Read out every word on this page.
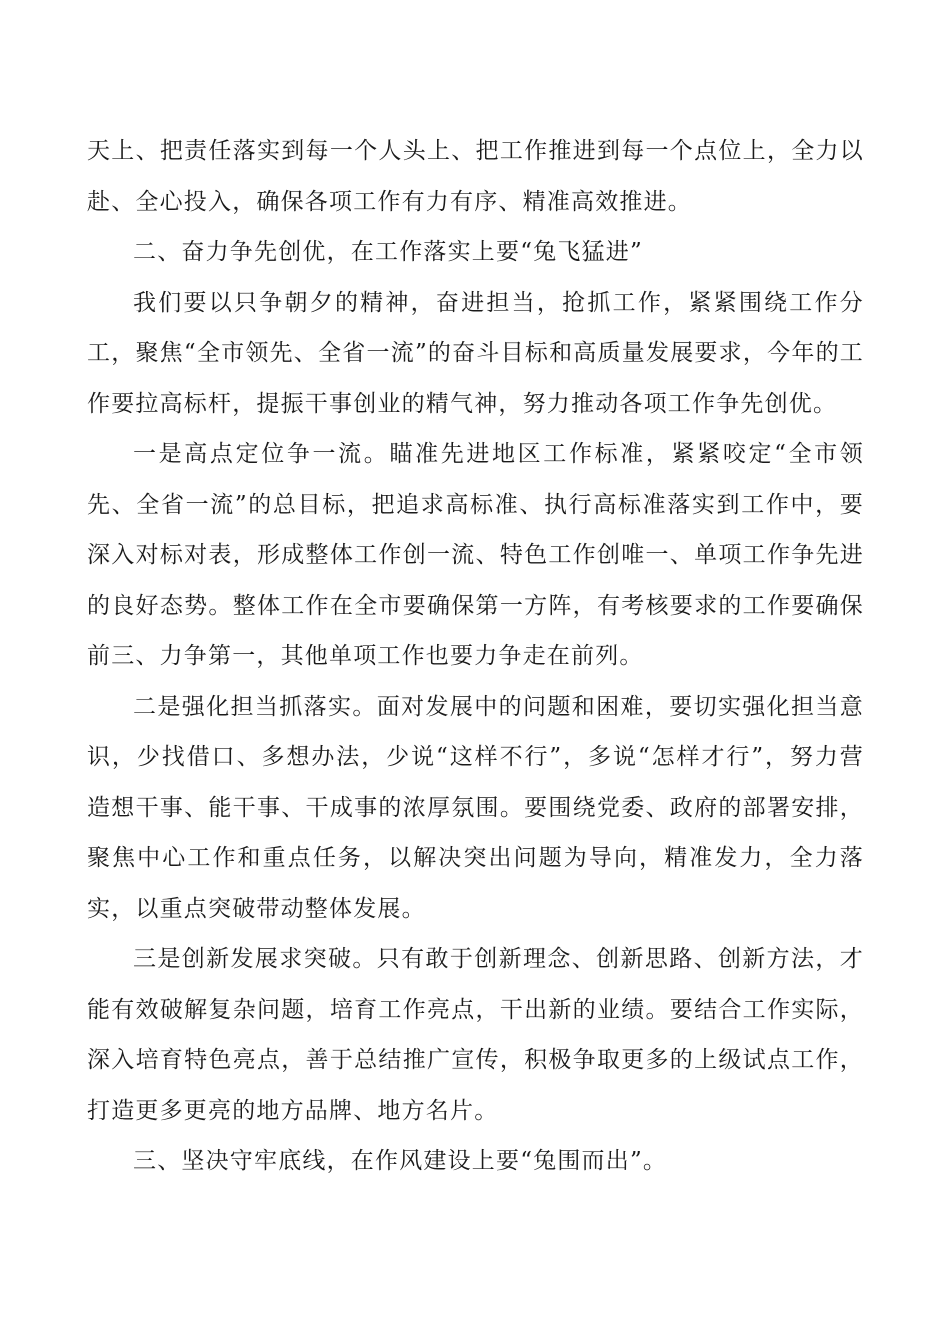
天上、把责任落实到每一个人头上、把工作推进到每一个点位上，全力以赴、全心投入，确保各项工作有力有序、精准高效推进。

二、奋力争先创优，在工作落实上要“兔飞猛进”

我们要以只争朝夕的精神，奋进担当，抢抓工作，紧紧围绕工作分工，聚焦“全市领先、全省一流”的奋斗目标和高质量发展要求，今年的工作要拉高标杆，提振干事创业的精气神，努力推动各项工作争先创优。

一是高点定位争一流。瞄准先进地区工作标准，紧紧咬定“全市领先、全省一流”的总目标，把追求高标准、执行高标准落实到工作中，要深入对标对表，形成整体工作创一流、特色工作创唯一、单项工作争先进的良好态势。整体工作在全市要确保第一方阵，有考核要求的工作要确保前三、力争第一，其他单项工作也要力争走在前列。

二是强化担当抓落实。面对发展中的问题和困难，要切实强化担当意识，少找借口、多想办法，少说“这样不行”，多说“怎样才行”，努力营造想干事、能干事、干成事的浓厚氛围。要围绕党委、政府的部署安排，聚焦中心工作和重点任务，以解决突出问题为导向，精准发力，全力落实，以重点突破带动整体发展。

三是创新发展求突破。只有敢于创新理念、创新思路、创新方法，才能有效破解复杂问题，培育工作亮点，干出新的业绩。要结合工作实际，深入培育特色亮点，善于总结推广宣传，积极争取更多的上级试点工作，打造更多更亮的地方品牌、地方名片。

三、坚决守牢底线，在作风建设上要“兔围而出”。
